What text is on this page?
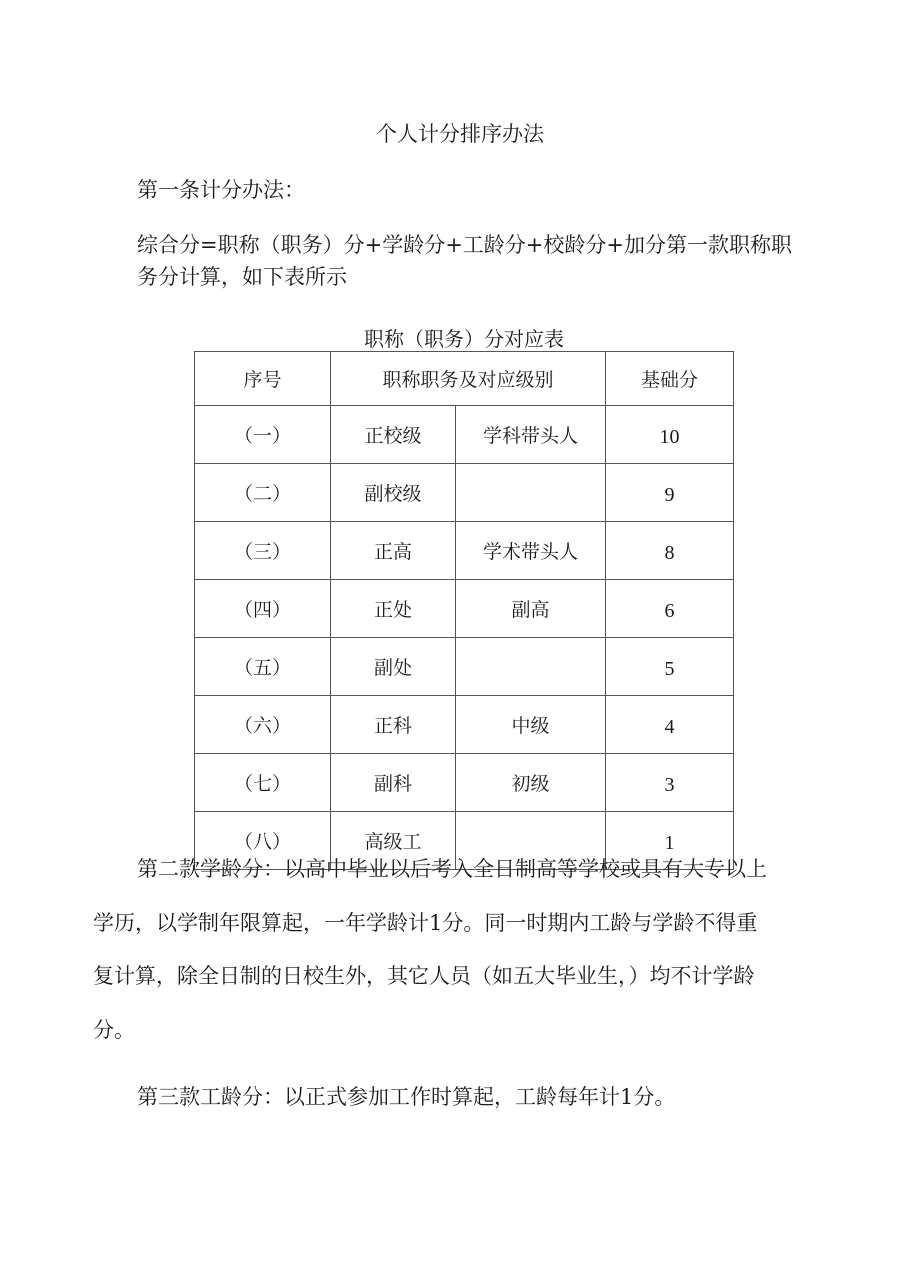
个人计分排序办法

第一条计分办法：

综合分=职称（职务）分+学龄分+工龄分+校龄分+加分第一款职称职

务分计算，如下表所示

职称（职务）分对应表

序号	职称职务及对应级别		基础分
（一）	正校级	学科带头人	10
（二）	副校级		9
（三）	正高	学术带头人	8
（四）	正处	副高	6
（五）	副处		5
（六）	正科	中级	4
（七）	副科	初级	3
（八）	高级工		1

第二款学龄分：以高中毕业以后考入全日制高等学校或具有大专以上

学历，以学制年限算起，一年学龄计1分。同一时期内工龄与学龄不得重

复计算，除全日制的日校生外，其它人员（如五大毕业生，）均不计学龄

分。

第三款工龄分：以正式参加工作时算起，工龄每年计1分。
